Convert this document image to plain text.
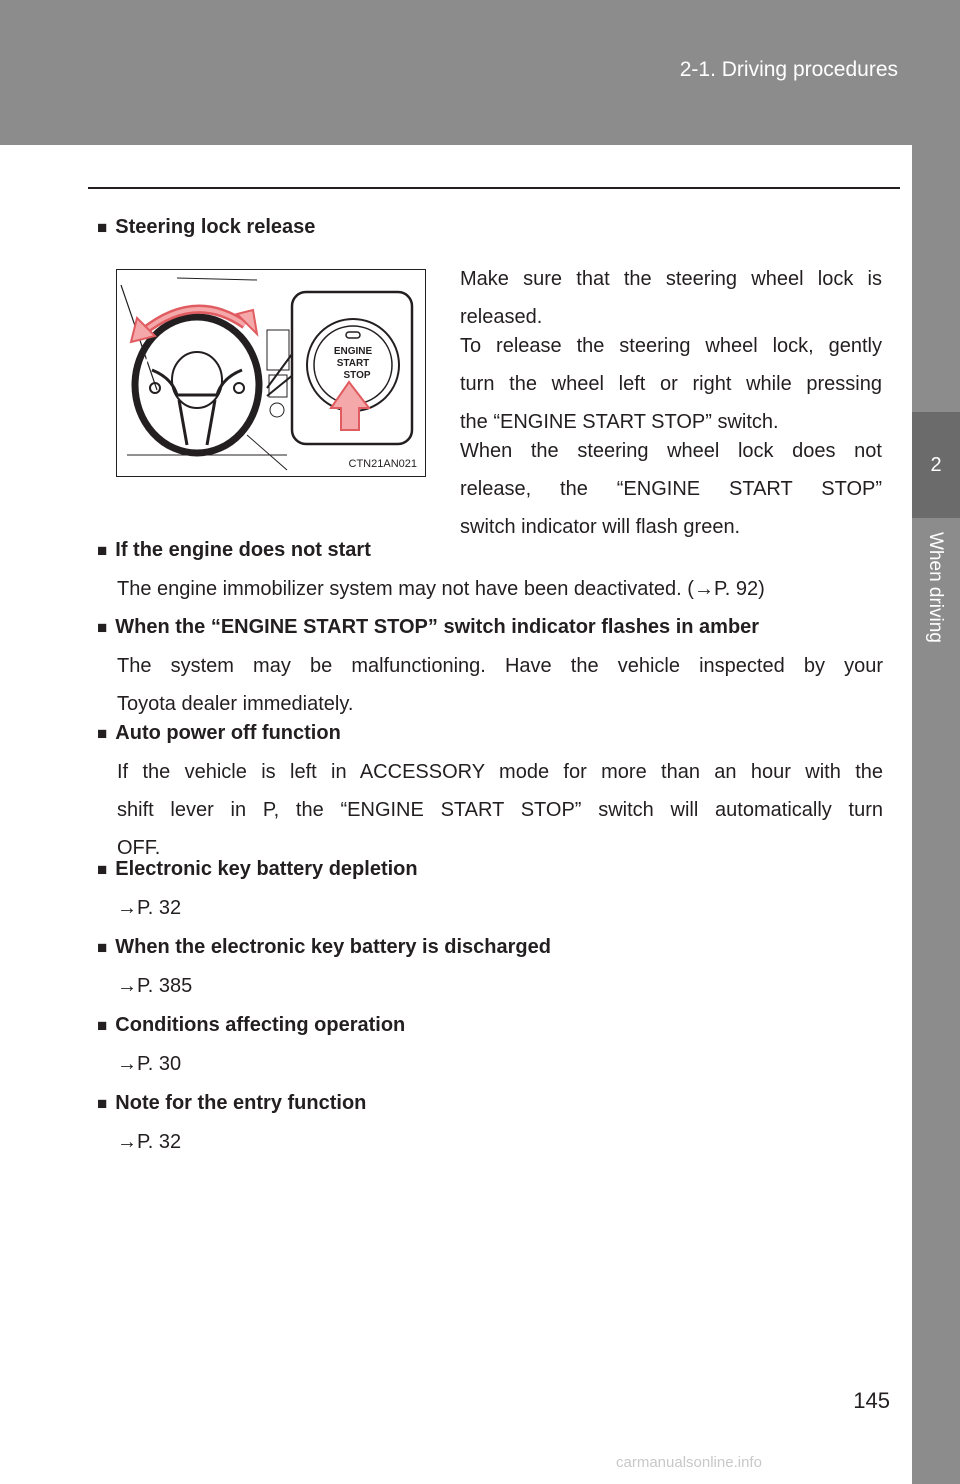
2-1. Driving procedures
2
When driving
■ Steering lock release
ENGINE
START
STOP
CTN21AN021
Make sure that the steering wheel lock is
released.
To release the steering wheel lock, gently
turn the wheel left or right while pressing
the “ENGINE START STOP” switch.
When the steering wheel lock does not
release, the “ENGINE START STOP”
switch indicator will flash green.
■ If the engine does not start
The engine immobilizer system may not have been deactivated. (→P. 92)
■ When the “ENGINE START STOP” switch indicator flashes in amber
The system may be malfunctioning. Have the vehicle inspected by your
Toyota dealer immediately.
■ Auto power off function
If the vehicle is left in ACCESSORY mode for more than an hour with the
shift lever in P, the “ENGINE START STOP” switch will automatically turn
OFF.
■ Electronic key battery depletion
→P. 32
■ When the electronic key battery is discharged
→P. 385
■ Conditions affecting operation
→P. 30
■ Note for the entry function
→P. 32
145
carmanualsonline.info
